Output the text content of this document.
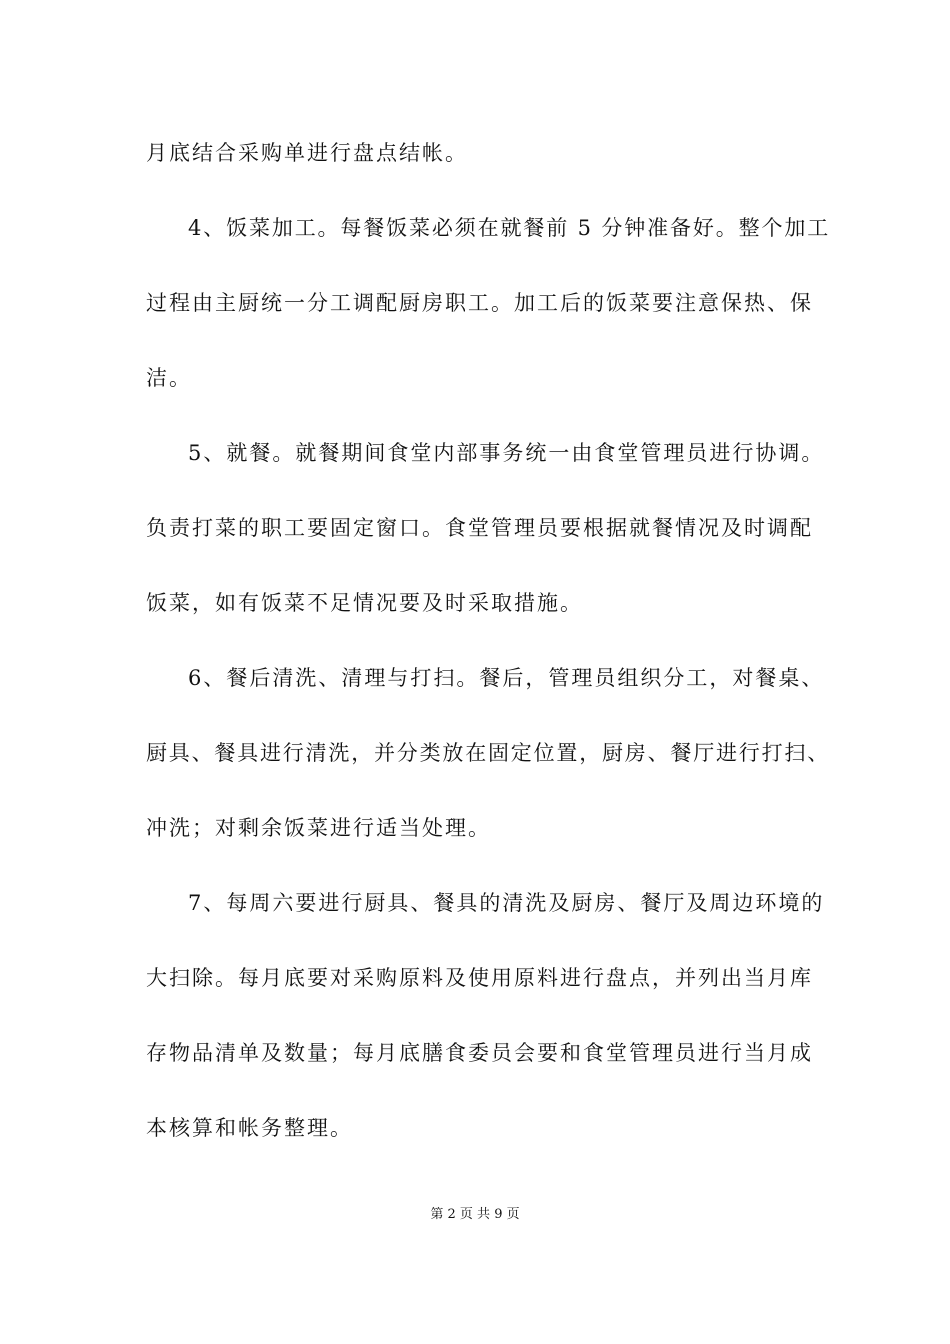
月底结合采购单进行盘点结帐。
4、饭菜加工。每餐饭菜必须在就餐前 5 分钟准备好。整个加工
过程由主厨统一分工调配厨房职工。加工后的饭菜要注意保热、保
洁。
5、就餐。就餐期间食堂内部事务统一由食堂管理员进行协调。
负责打菜的职工要固定窗口。食堂管理员要根据就餐情况及时调配
饭菜，如有饭菜不足情况要及时采取措施。
6、餐后清洗、清理与打扫。餐后，管理员组织分工，对餐桌、
厨具、餐具进行清洗，并分类放在固定位置，厨房、餐厅进行打扫、
冲洗；对剩余饭菜进行适当处理。
7、每周六要进行厨具、餐具的清洗及厨房、餐厅及周边环境的
大扫除。每月底要对采购原料及使用原料进行盘点，并列出当月库
存物品清单及数量；每月底膳食委员会要和食堂管理员进行当月成
本核算和帐务整理。
第 2 页 共 9 页
